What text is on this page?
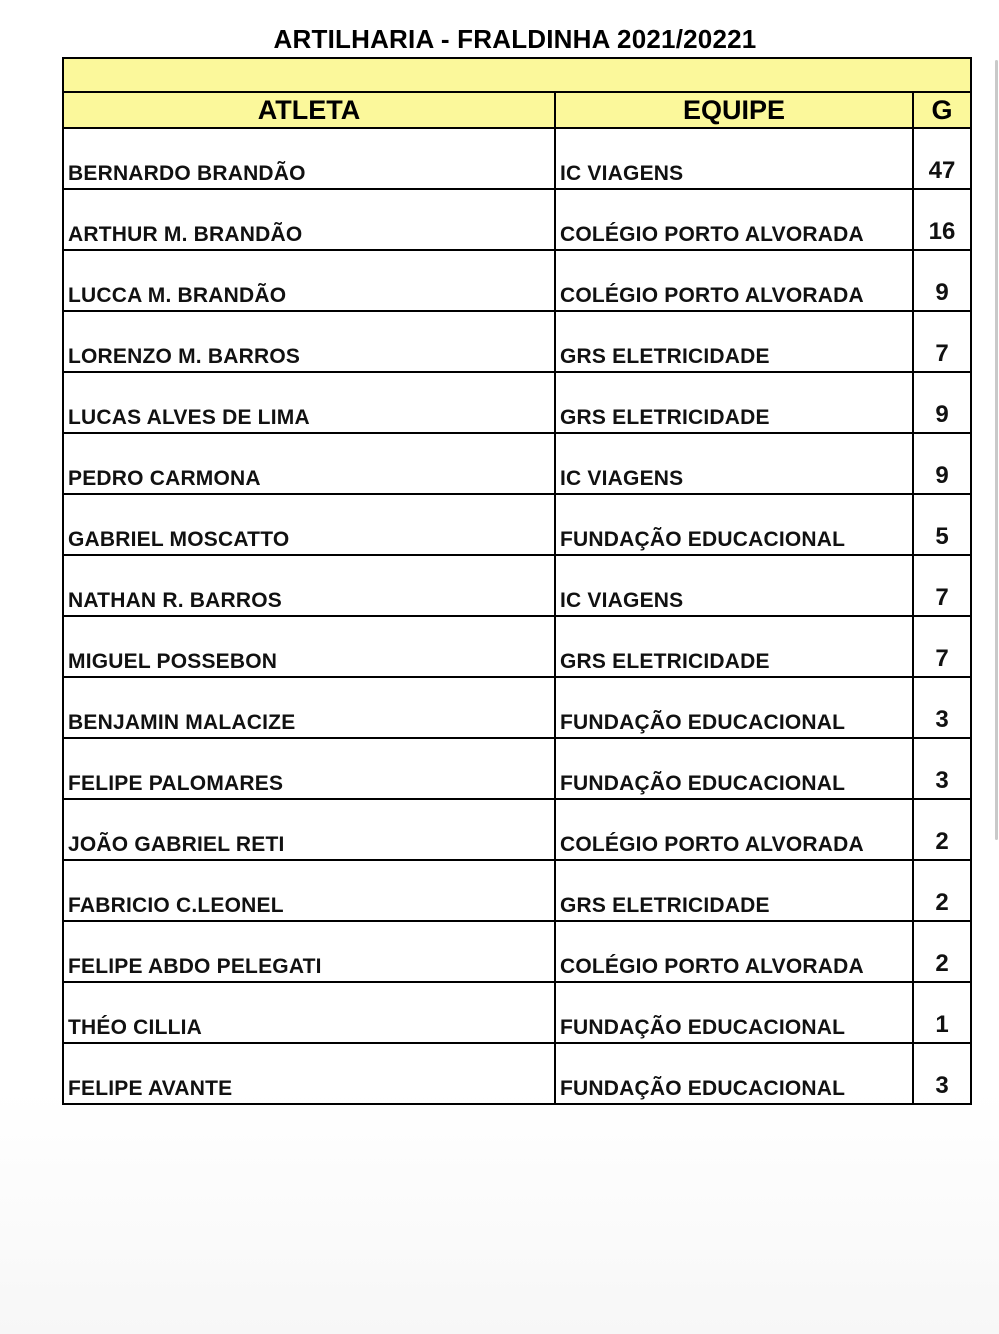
ARTILHARIA - FRALDINHA 2021/20221

ATLETA	EQUIPE	G
BERNARDO BRANDÃO	IC VIAGENS	47
ARTHUR M. BRANDÃO	COLÉGIO PORTO ALVORADA	16
LUCCA M. BRANDÃO	COLÉGIO PORTO ALVORADA	9
LORENZO M. BARROS	GRS ELETRICIDADE	7
LUCAS ALVES DE LIMA	GRS ELETRICIDADE	9
PEDRO CARMONA	IC VIAGENS	9
GABRIEL MOSCATTO	FUNDAÇÃO EDUCACIONAL	5
NATHAN R. BARROS	IC VIAGENS	7
MIGUEL POSSEBON	GRS ELETRICIDADE	7
BENJAMIN MALACIZE	FUNDAÇÃO EDUCACIONAL	3
FELIPE PALOMARES	FUNDAÇÃO EDUCACIONAL	3
JOÃO GABRIEL RETI	COLÉGIO PORTO ALVORADA	2
FABRICIO C.LEONEL	GRS ELETRICIDADE	2
FELIPE ABDO PELEGATI	COLÉGIO PORTO ALVORADA	2
THÉO CILLIA	FUNDAÇÃO EDUCACIONAL	1
FELIPE AVANTE	FUNDAÇÃO EDUCACIONAL	3
